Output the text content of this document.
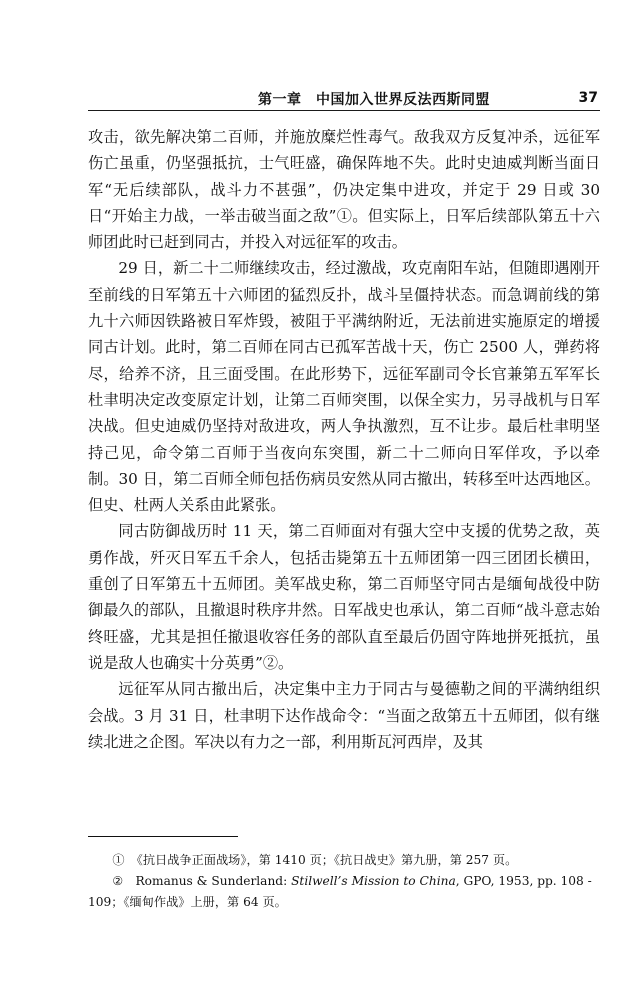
第一章　中国加入世界反法西斯同盟	37

攻击，欲先解决第二百师，并施放糜烂性毒气。敌我双方反复冲杀，远征军伤亡虽重，仍坚强抵抗，士气旺盛，确保阵地不失。此时史迪威判断当面日军“无后续部队，战斗力不甚强”，仍决定集中进攻，并定于 29 日或 30 日“开始主力战，一举击破当面之敌”①。但实际上，日军后续部队第五十六师团此时已赶到同古，并投入对远征军的攻击。

29 日，新二十二师继续攻击，经过激战，攻克南阳车站，但随即遇刚开至前线的日军第五十六师团的猛烈反扑，战斗呈僵持状态。而急调前线的第九十六师因铁路被日军炸毁，被阻于平满纳附近，无法前进实施原定的增援同古计划。此时，第二百师在同古已孤军苦战十天，伤亡 2500 人，弹药将尽，给养不济，且三面受围。在此形势下，远征军副司令长官兼第五军军长杜聿明决定改变原定计划，让第二百师突围，以保全实力，另寻战机与日军决战。但史迪威仍坚持对敌进攻，两人争执激烈，互不让步。最后杜聿明坚持己见，命令第二百师于当夜向东突围，新二十二师向日军佯攻，予以牵制。30 日，第二百师全师包括伤病员安然从同古撤出，转移至叶达西地区。但史、杜两人关系由此紧张。

同古防御战历时 11 天，第二百师面对有强大空中支援的优势之敌，英勇作战，歼灭日军五千余人，包括击毙第五十五师团第一四三团团长横田，重创了日军第五十五师团。美军战史称，第二百师坚守同古是缅甸战役中防御最久的部队，且撤退时秩序井然。日军战史也承认，第二百师“战斗意志始终旺盛，尤其是担任撤退收容任务的部队直至最后仍固守阵地拼死抵抗，虽说是敌人也确实十分英勇”②。

远征军从同古撤出后，决定集中主力于同古与曼德勒之间的平满纳组织会战。3 月 31 日，杜聿明下达作战命令：“当面之敌第五十五师团，似有继续北进之企图。军决以有力之一部，利用斯瓦河西岸，及其

①　《抗日战争正面战场》，第 1410 页；《抗日战史》第九册，第 257 页。

②　Romanus & Sunderland: Stilwell’s Mission to China, GPO, 1953, pp. 108 - 109；《缅甸作战》上册，第 64 页。
